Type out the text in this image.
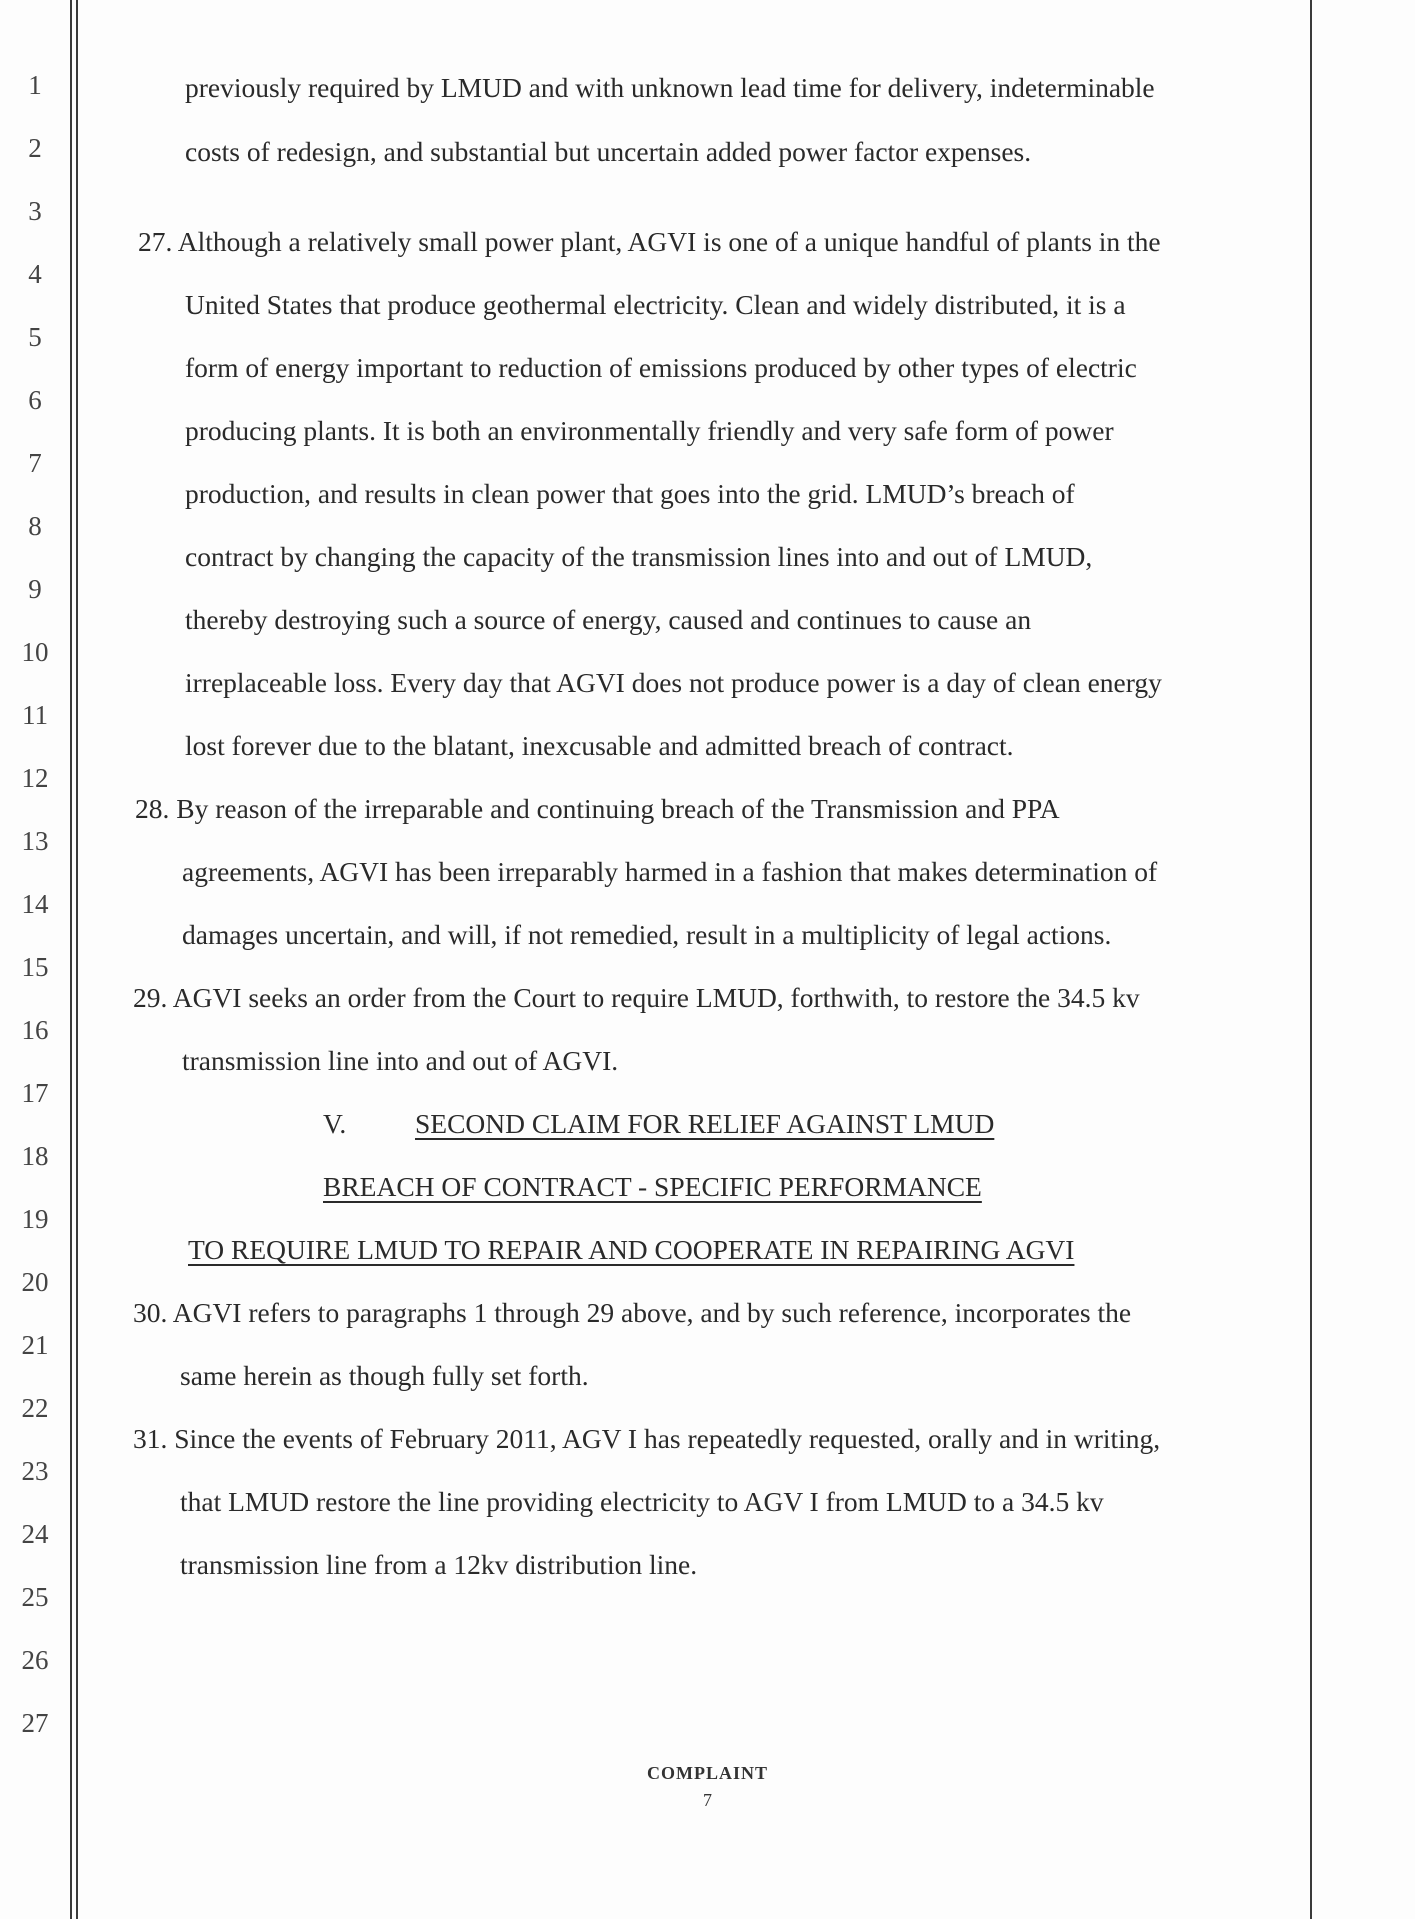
1
2
3
4
5
6
7
8
9
10
11
12
13
14
15
16
17
18
19
20
21
22
23
24
25
26
27
previously required by LMUD and with unknown lead time for delivery, indeterminable
costs of redesign, and substantial but uncertain added power factor expenses.
27. Although a relatively small power plant, AGVI is one of a unique handful of plants in the
United States that produce geothermal electricity. Clean and widely distributed, it is a
form of energy important to reduction of emissions produced by other types of electric
producing plants. It is both an environmentally friendly and very safe form of power
production, and results in clean power that goes into the grid. LMUD’s breach of
contract by changing the capacity of the transmission lines into and out of LMUD,
thereby destroying such a source of energy, caused and continues to cause an
irreplaceable loss. Every day that AGVI does not produce power is a day of clean energy
lost forever due to the blatant, inexcusable and admitted breach of contract.
28. By reason of the irreparable and continuing breach of the Transmission and PPA
agreements, AGVI has been irreparably harmed in a fashion that makes determination of
damages uncertain, and will, if not remedied, result in a multiplicity of legal actions.
29. AGVI seeks an order from the Court to require LMUD, forthwith, to restore the 34.5 kv
transmission line into and out of AGVI.
V.	SECOND CLAIM FOR RELIEF AGAINST LMUD
BREACH OF CONTRACT - SPECIFIC PERFORMANCE
TO REQUIRE LMUD TO REPAIR AND COOPERATE IN REPAIRING AGVI
30. AGVI refers to paragraphs 1 through 29 above, and by such reference, incorporates the
same herein as though fully set forth.
31. Since the events of February 2011, AGV I has repeatedly requested, orally and in writing,
that LMUD restore the line providing electricity to AGV I from LMUD to a 34.5 kv
transmission line from a 12kv distribution line.
COMPLAINT
7
